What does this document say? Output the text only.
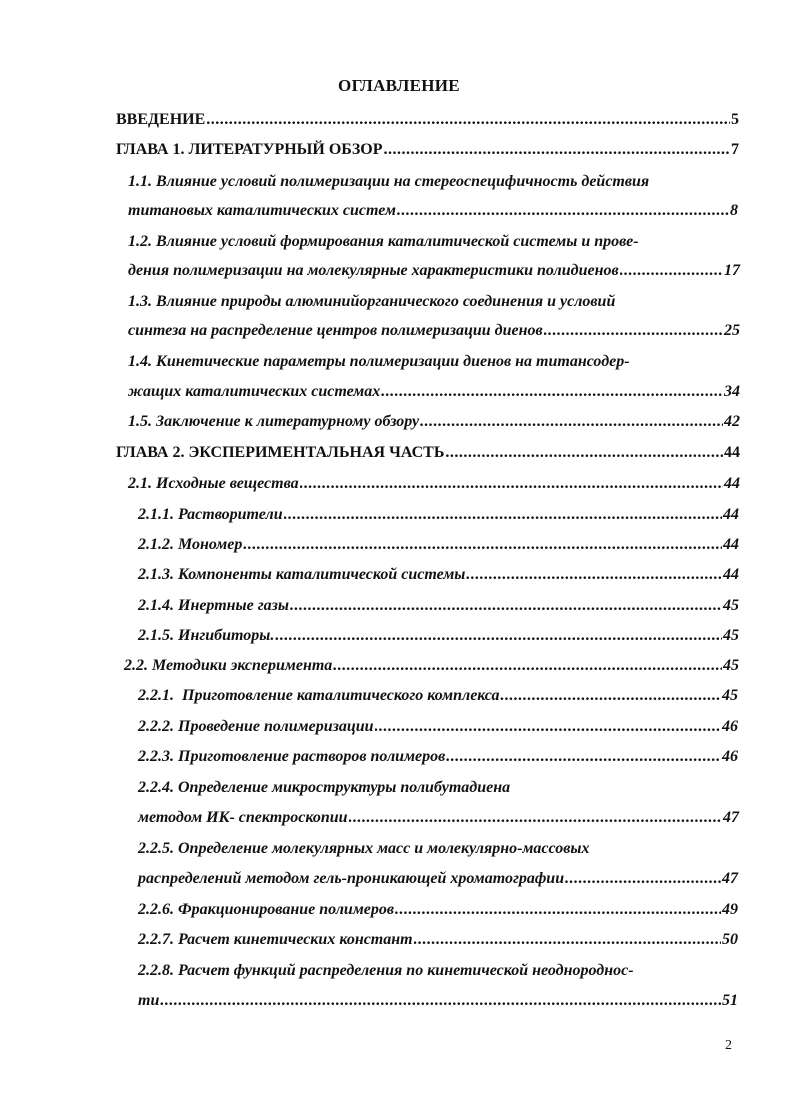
ОГЛАВЛЕНИЕ
ВВЕДЕНИЕ .....	5
ГЛАВА 1. ЛИТЕРАТУРНЫЙ ОБЗОР .....	7
1.1. Влияние условий полимеризации на стереоспецифичность действия
титановых каталитических систем .....	8
1.2. Влияние условий формирования каталитической системы и прове-
дения полимеризации на молекулярные характеристики полидиенов .....	17
1.3. Влияние природы алюминийорганического соединения и условий
синтеза на распределение центров полимеризации диенов .....	25
1.4. Кинетические параметры полимеризации диенов на титансодер-
жащих каталитических системах .....	34
1.5. Заключение к литературному обзору .....	42
ГЛАВА 2. ЭКСПЕРИМЕНТАЛЬНАЯ ЧАСТЬ .....	44
2.1. Исходные вещества .....	44
2.1.1. Растворители .....	44
2.1.2. Мономер .....	44
2.1.3. Компоненты каталитической системы .....	44
2.1.4. Инертные газы .....	45
2.1.5. Ингибиторы. .....	45
2.2. Методики эксперимента .....	45
2.2.1.  Приготовление каталитического комплекса .....	45
2.2.2. Проведение полимеризации .....	46
2.2.3. Приготовление растворов полимеров .....	46
2.2.4. Определение микроструктуры полибутадиена
методом ИК- спектроскопии .....	47
2.2.5. Определение молекулярных масс и молекулярно-массовых
распределений методом гель-проникающей хроматографии .....	47
2.2.6. Фракционирование полимеров .....	49
2.2.7. Расчет кинетических констант .....	50
2.2.8. Расчет функций распределения по кинетической неоднороднос-
ти .....	51
2
